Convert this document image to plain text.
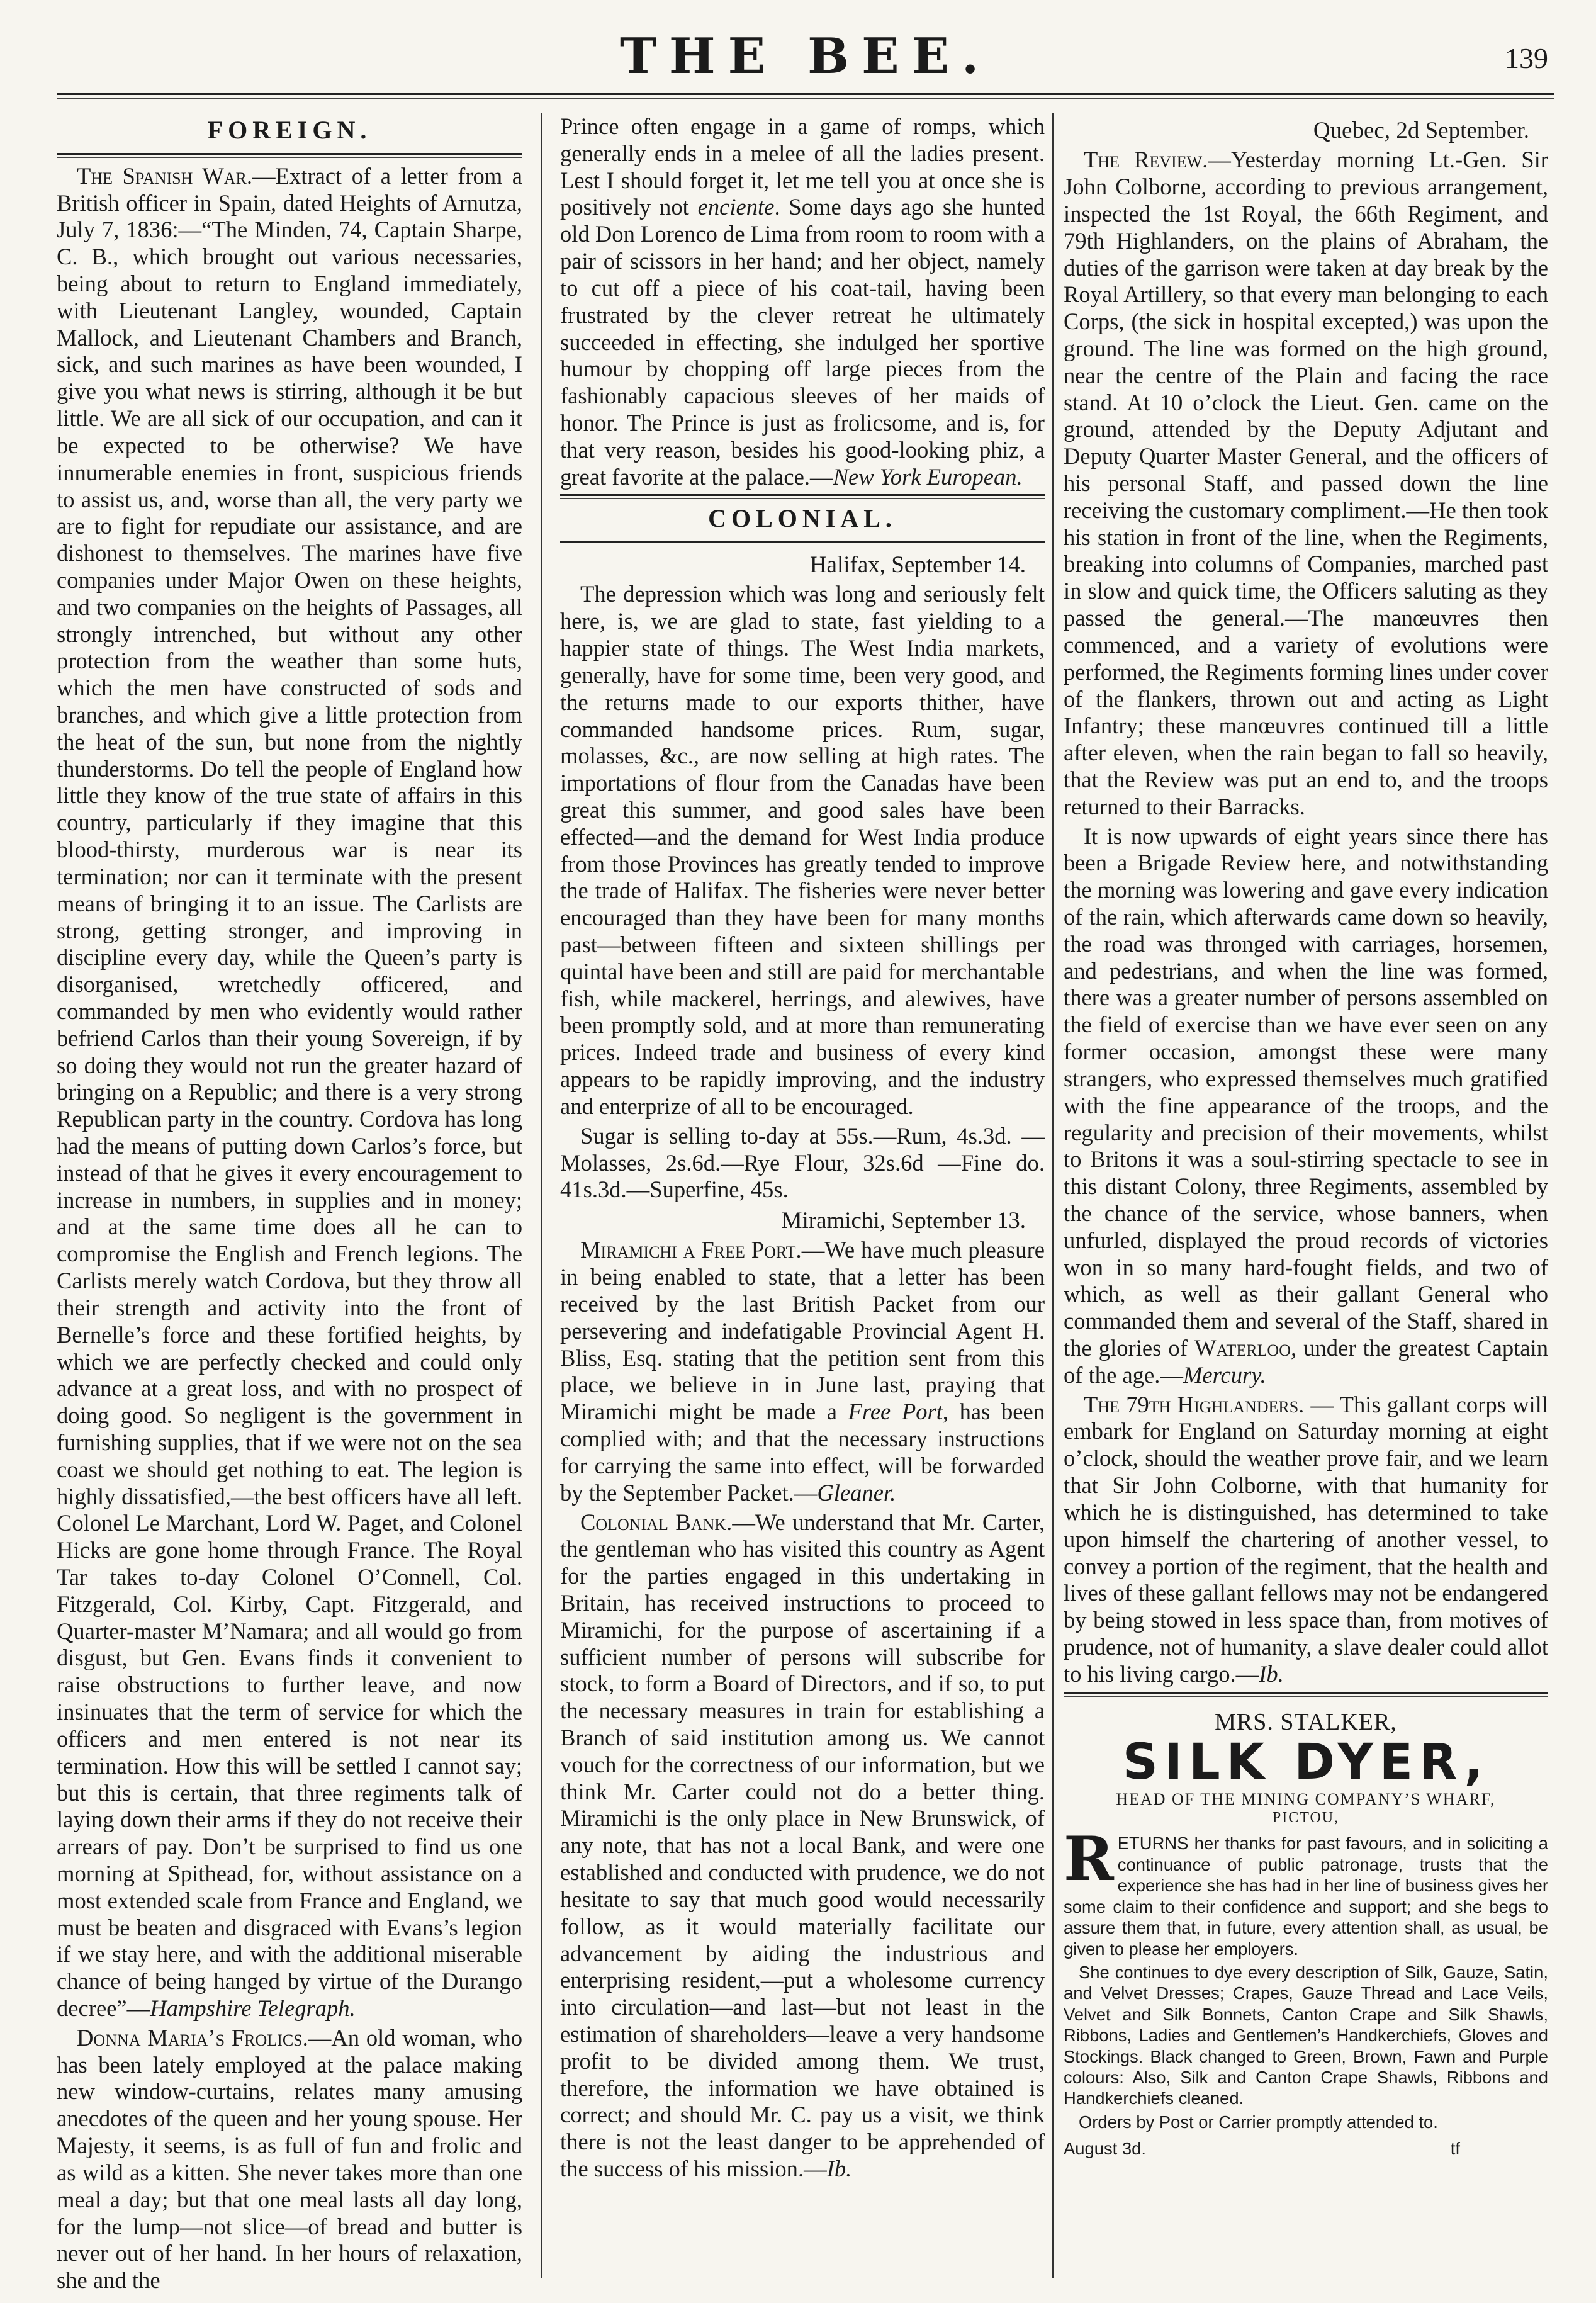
THE BEE.	139
FOREIGN.

The Spanish War.—Extract of a letter from a British officer in Spain, dated Heights of Arnutza, July 7, 1836:—“The Minden, 74, Captain Sharpe, C. B., which brought out various necessaries, being about to return to England immediately, with Lieutenant Langley, wounded, Captain Mallock, and Lieutenant Chambers and Branch, sick, and such marines as have been wounded, I give you what news is stirring, although it be but little. We are all sick of our occupation, and can it be expected to be otherwise? We have innumerable enemies in front, suspicious friends to assist us, and, worse than all, the very party we are to fight for repudiate our assistance, and are dishonest to themselves. The marines have five companies under Major Owen on these heights, and two companies on the heights of Passages, all strongly intrenched, but without any other protection from the weather than some huts, which the men have constructed of sods and branches, and which give a little protection from the heat of the sun, but none from the nightly thunderstorms. Do tell the people of England how little they know of the true state of affairs in this country, particularly if they imagine that this blood-thirsty, murderous war is near its termination; nor can it terminate with the present means of bringing it to an issue. The Carlists are strong, getting stronger, and improving in discipline every day, while the Queen’s party is disorganised, wretchedly officered, and commanded by men who evidently would rather befriend Carlos than their young Sovereign, if by so doing they would not run the greater hazard of bringing on a Republic; and there is a very strong Republican party in the country. Cordova has long had the means of putting down Carlos’s force, but instead of that he gives it every encouragement to increase in numbers, in supplies and in money; and at the same time does all he can to compromise the English and French legions. The Carlists merely watch Cordova, but they throw all their strength and activity into the front of Bernelle’s force and these fortified heights, by which we are perfectly checked and could only advance at a great loss, and with no prospect of doing good. So negligent is the government in furnishing supplies, that if we were not on the sea coast we should get nothing to eat. The legion is highly dissatisfied,—the best officers have all left. Colonel Le Marchant, Lord W. Paget, and Colonel Hicks are gone home through France. The Royal Tar takes to-day Colonel O’Connell, Col. Fitzgerald, Col. Kirby, Capt. Fitzgerald, and Quarter-master M’Namara; and all would go from disgust, but Gen. Evans finds it convenient to raise obstructions to further leave, and now insinuates that the term of service for which the officers and men entered is not near its termination. How this will be settled I cannot say; but this is certain, that three regiments talk of laying down their arms if they do not receive their arrears of pay. Don’t be surprised to find us one morning at Spithead, for, without assistance on a most extended scale from France and England, we must be beaten and disgraced with Evans’s legion if we stay here, and with the additional miserable chance of being hanged by virtue of the Durango decree”—Hampshire Telegraph.

Donna Maria’s Frolics.—An old woman, who has been lately employed at the palace making new window-curtains, relates many amusing anecdotes of the queen and her young spouse. Her Majesty, it seems, is as full of fun and frolic and as wild as a kitten. She never takes more than one meal a day; but that one meal lasts all day long, for the lump—not slice—of bread and butter is never out of her hand. In her hours of relaxation, she and the

Prince often engage in a game of romps, which generally ends in a melee of all the ladies present. Lest I should forget it, let me tell you at once she is positively not enciente. Some days ago she hunted old Don Lorenco de Lima from room to room with a pair of scissors in her hand; and her object, namely to cut off a piece of his coat-tail, having been frustrated by the clever retreat he ultimately succeeded in effecting, she indulged her sportive humour by chopping off large pieces from the fashionably capacious sleeves of her maids of honor. The Prince is just as frolicsome, and is, for that very reason, besides his good-looking phiz, a great favorite at the palace.—New York European.

COLONIAL.
Halifax, September 14.

The depression which was long and seriously felt here, is, we are glad to state, fast yielding to a happier state of things. The West India markets, generally, have for some time, been very good, and the returns made to our exports thither, have commanded handsome prices. Rum, sugar, molasses, &c., are now selling at high rates. The importations of flour from the Canadas have been great this summer, and good sales have been effected—and the demand for West India produce from those Provinces has greatly tended to improve the trade of Halifax. The fisheries were never better encouraged than they have been for many months past—between fifteen and sixteen shillings per quintal have been and still are paid for merchantable fish, while mackerel, herrings, and alewives, have been promptly sold, and at more than remunerating prices. Indeed trade and business of every kind appears to be rapidly improving, and the industry and enterprize of all to be encouraged.

Sugar is selling to-day at 55s.—Rum, 4s.3d. —Molasses, 2s.6d.—Rye Flour, 32s.6d —Fine do. 41s.3d.—Superfine, 45s.

Miramichi, September 13.

Miramichi a Free Port.—We have much pleasure in being enabled to state, that a letter has been received by the last British Packet from our persevering and indefatigable Provincial Agent H. Bliss, Esq. stating that the petition sent from this place, we believe in in June last, praying that Miramichi might be made a Free Port, has been complied with; and that the necessary instructions for carrying the same into effect, will be forwarded by the September Packet.—Gleaner.

Colonial Bank.—We understand that Mr. Carter, the gentleman who has visited this country as Agent for the parties engaged in this undertaking in Britain, has received instructions to proceed to Miramichi, for the purpose of ascertaining if a sufficient number of persons will subscribe for stock, to form a Board of Directors, and if so, to put the necessary measures in train for establishing a Branch of said institution among us. We cannot vouch for the correctness of our information, but we think Mr. Carter could not do a better thing. Miramichi is the only place in New Brunswick, of any note, that has not a local Bank, and were one established and conducted with prudence, we do not hesitate to say that much good would necessarily follow, as it would materially facilitate our advancement by aiding the industrious and enterprising resident,—put a wholesome currency into circulation—and last—but not least in the estimation of shareholders—leave a very handsome profit to be divided among them. We trust, therefore, the information we have obtained is correct; and should Mr. C. pay us a visit, we think there is not the least danger to be apprehended of the success of his mission.—Ib.

Quebec, 2d September.

The Review.—Yesterday morning Lt.-Gen. Sir John Colborne, according to previous arrangement, inspected the 1st Royal, the 66th Regiment, and 79th Highlanders, on the plains of Abraham, the duties of the garrison were taken at day break by the Royal Artillery, so that every man belonging to each Corps, (the sick in hospital excepted,) was upon the ground. The line was formed on the high ground, near the centre of the Plain and facing the race stand. At 10 o’clock the Lieut. Gen. came on the ground, attended by the Deputy Adjutant and Deputy Quarter Master General, and the officers of his personal Staff, and passed down the line receiving the customary compliment.—He then took his station in front of the line, when the Regiments, breaking into columns of Companies, marched past in slow and quick time, the Officers saluting as they passed the general.—The manœuvres then commenced, and a variety of evolutions were performed, the Regiments forming lines under cover of the flankers, thrown out and acting as Light Infantry; these manœuvres continued till a little after eleven, when the rain began to fall so heavily, that the Review was put an end to, and the troops returned to their Barracks.

It is now upwards of eight years since there has been a Brigade Review here, and notwithstanding the morning was lowering and gave every indication of the rain, which afterwards came down so heavily, the road was thronged with carriages, horsemen, and pedestrians, and when the line was formed, there was a greater number of persons assembled on the field of exercise than we have ever seen on any former occasion, amongst these were many strangers, who expressed themselves much gratified with the fine appearance of the troops, and the regularity and precision of their movements, whilst to Britons it was a soul-stirring spectacle to see in this distant Colony, three Regiments, assembled by the chance of the service, whose banners, when unfurled, displayed the proud records of victories won in so many hard-fought fields, and two of which, as well as their gallant General who commanded them and several of the Staff, shared in the glories of Waterloo, under the greatest Captain of the age.—Mercury.

The 79th Highlanders. — This gallant corps will embark for England on Saturday morning at eight o’clock, should the weather prove fair, and we learn that Sir John Colborne, with that humanity for which he is distinguished, has determined to take upon himself the chartering of another vessel, to convey a portion of the regiment, that the health and lives of these gallant fellows may not be endangered by being stowed in less space than, from motives of prudence, not of humanity, a slave dealer could allot to his living cargo.—Ib.

MRS. STALKER,
SILK DYER,
HEAD OF THE MINING COMPANY’S WHARF,
PICTOU,

RETURNS her thanks for past favours, and in soliciting a continuance of public patronage, trusts that the experience she has had in her line of business gives her some claim to their confidence and support; and she begs to assure them that, in future, every attention shall, as usual, be given to please her employers.

She continues to dye every description of Silk, Gauze, Satin, and Velvet Dresses; Crapes, Gauze Thread and Lace Veils, Velvet and Silk Bonnets, Canton Crape and Silk Shawls, Ribbons, Ladies and Gentlemen’s Handkerchiefs, Gloves and Stockings. Black changed to Green, Brown, Fawn and Purple colours: Also, Silk and Canton Crape Shawls, Ribbons and Handkerchiefs cleaned.

Orders by Post or Carrier promptly attended to.

August 3d.	tf
